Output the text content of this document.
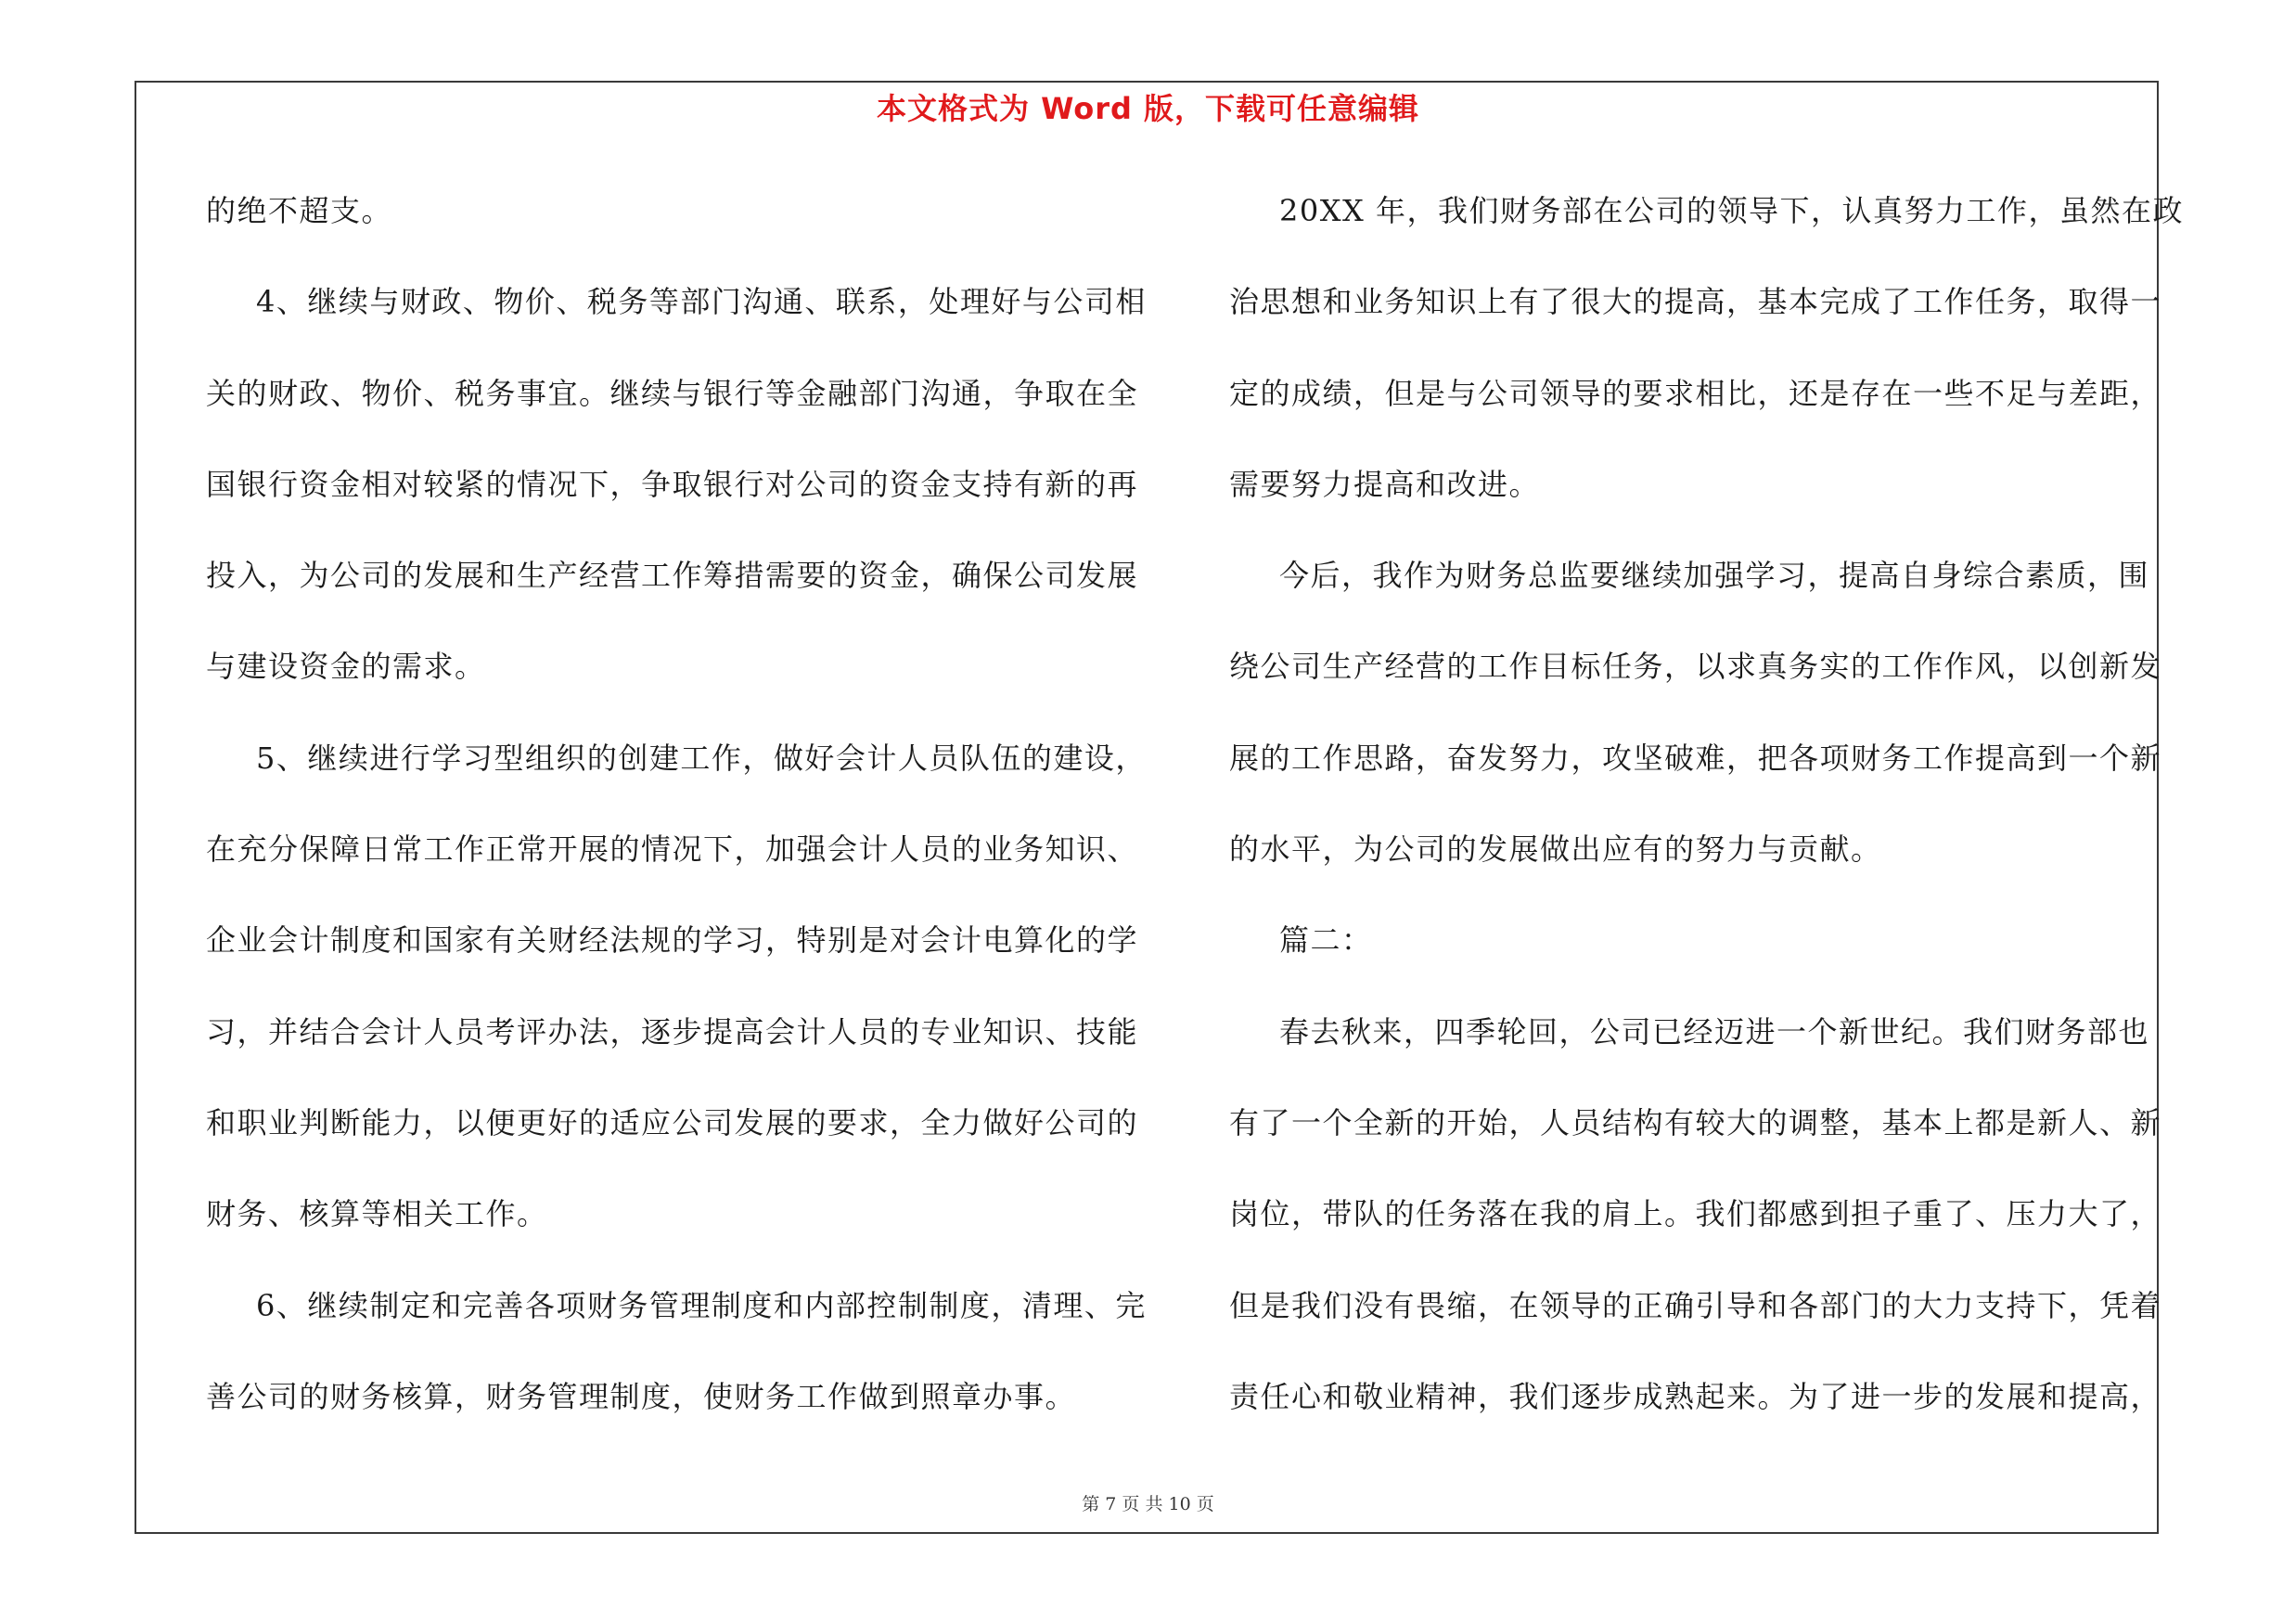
本文格式为 Word 版，下载可任意编辑
的绝不超支。
4、继续与财政、物价、税务等部门沟通、联系，处理好与公司相
关的财政、物价、税务事宜。继续与银行等金融部门沟通，争取在全
国银行资金相对较紧的情况下，争取银行对公司的资金支持有新的再
投入，为公司的发展和生产经营工作筹措需要的资金，确保公司发展
与建设资金的需求。
5、继续进行学习型组织的创建工作，做好会计人员队伍的建设，
在充分保障日常工作正常开展的情况下，加强会计人员的业务知识、
企业会计制度和国家有关财经法规的学习，特别是对会计电算化的学
习，并结合会计人员考评办法，逐步提高会计人员的专业知识、技能
和职业判断能力，以便更好的适应公司发展的要求，全力做好公司的
财务、核算等相关工作。
6、继续制定和完善各项财务管理制度和内部控制制度，清理、完
善公司的财务核算，财务管理制度，使财务工作做到照章办事。
20XX 年，我们财务部在公司的领导下，认真努力工作，虽然在政
治思想和业务知识上有了很大的提高，基本完成了工作任务，取得一
定的成绩，但是与公司领导的要求相比，还是存在一些不足与差距，
需要努力提高和改进。
今后，我作为财务总监要继续加强学习，提高自身综合素质，围
绕公司生产经营的工作目标任务，以求真务实的工作作风，以创新发
展的工作思路，奋发努力，攻坚破难，把各项财务工作提高到一个新
的水平，为公司的发展做出应有的努力与贡献。
篇二：
春去秋来，四季轮回，公司已经迈进一个新世纪。我们财务部也
有了一个全新的开始，人员结构有较大的调整，基本上都是新人、新
岗位，带队的任务落在我的肩上。我们都感到担子重了、压力大了，
但是我们没有畏缩，在领导的正确引导和各部门的大力支持下，凭着
责任心和敬业精神，我们逐步成熟起来。为了进一步的发展和提高，
第 7 页 共 10 页
